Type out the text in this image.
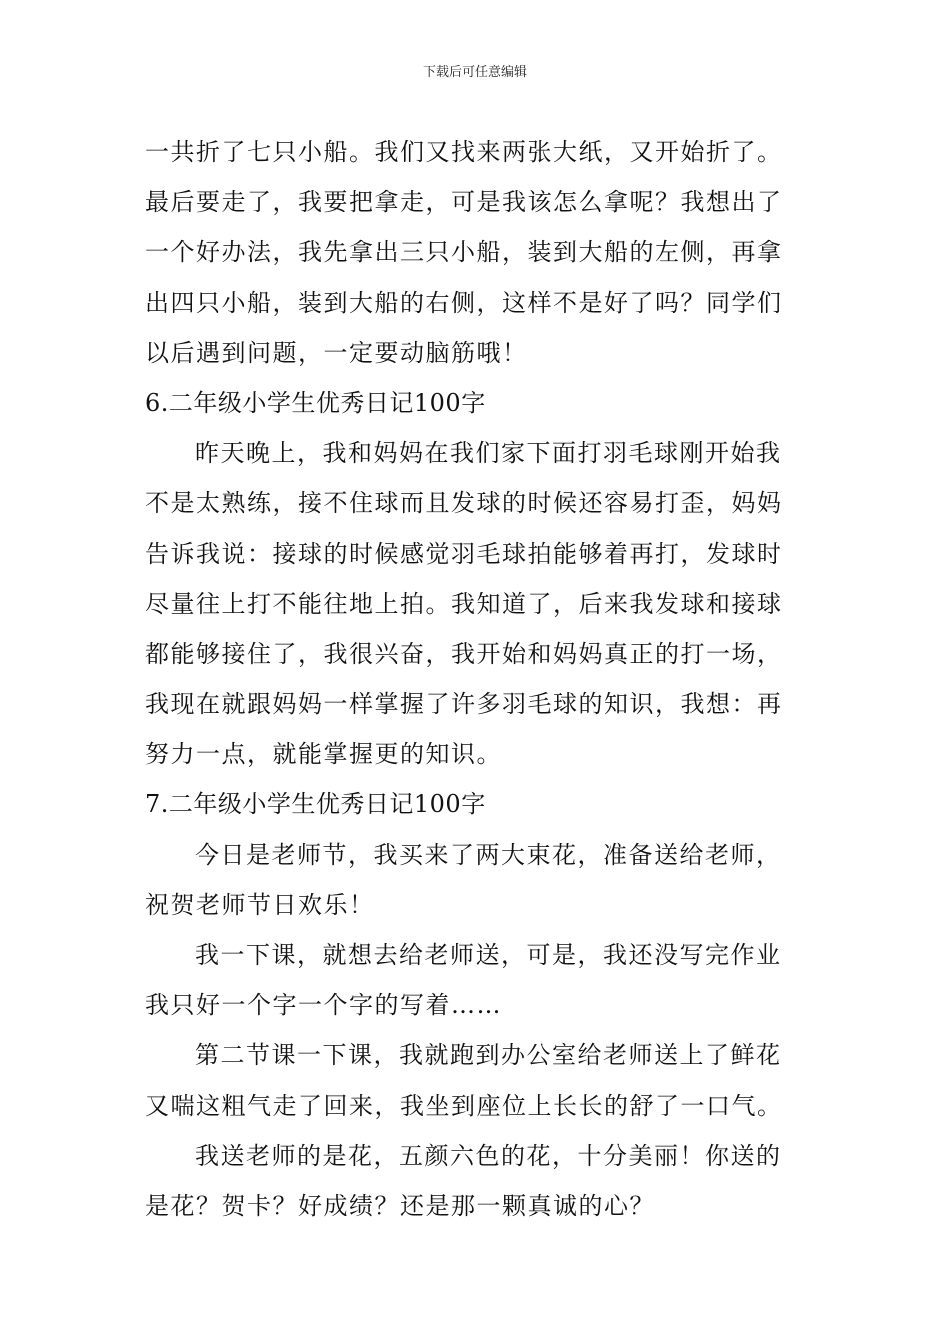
下载后可任意编辑
一共折了七只小船。我们又找来两张大纸，又开始折了。
最后要走了，我要把拿走，可是我该怎么拿呢？我想出了
一个好办法，我先拿出三只小船，装到大船的左侧，再拿
出四只小船，装到大船的右侧，这样不是好了吗？同学们
以后遇到问题，一定要动脑筋哦！
6.二年级小学生优秀日记100字
昨天晚上，我和妈妈在我们家下面打羽毛球刚开始我
不是太熟练，接不住球而且发球的时候还容易打歪，妈妈
告诉我说：接球的时候感觉羽毛球拍能够着再打，发球时
尽量往上打不能往地上拍。我知道了，后来我发球和接球
都能够接住了，我很兴奋，我开始和妈妈真正的打一场，
我现在就跟妈妈一样掌握了许多羽毛球的知识，我想：再
努力一点，就能掌握更的知识。
7.二年级小学生优秀日记100字
今日是老师节，我买来了两大束花，准备送给老师，
祝贺老师节日欢乐！
我一下课，就想去给老师送，可是，我还没写完作业
我只好一个字一个字的写着……
第二节课一下课，我就跑到办公室给老师送上了鲜花
又喘这粗气走了回来，我坐到座位上长长的舒了一口气。
我送老师的是花，五颜六色的花，十分美丽！你送的
是花？贺卡？好成绩？还是那一颗真诚的心？
